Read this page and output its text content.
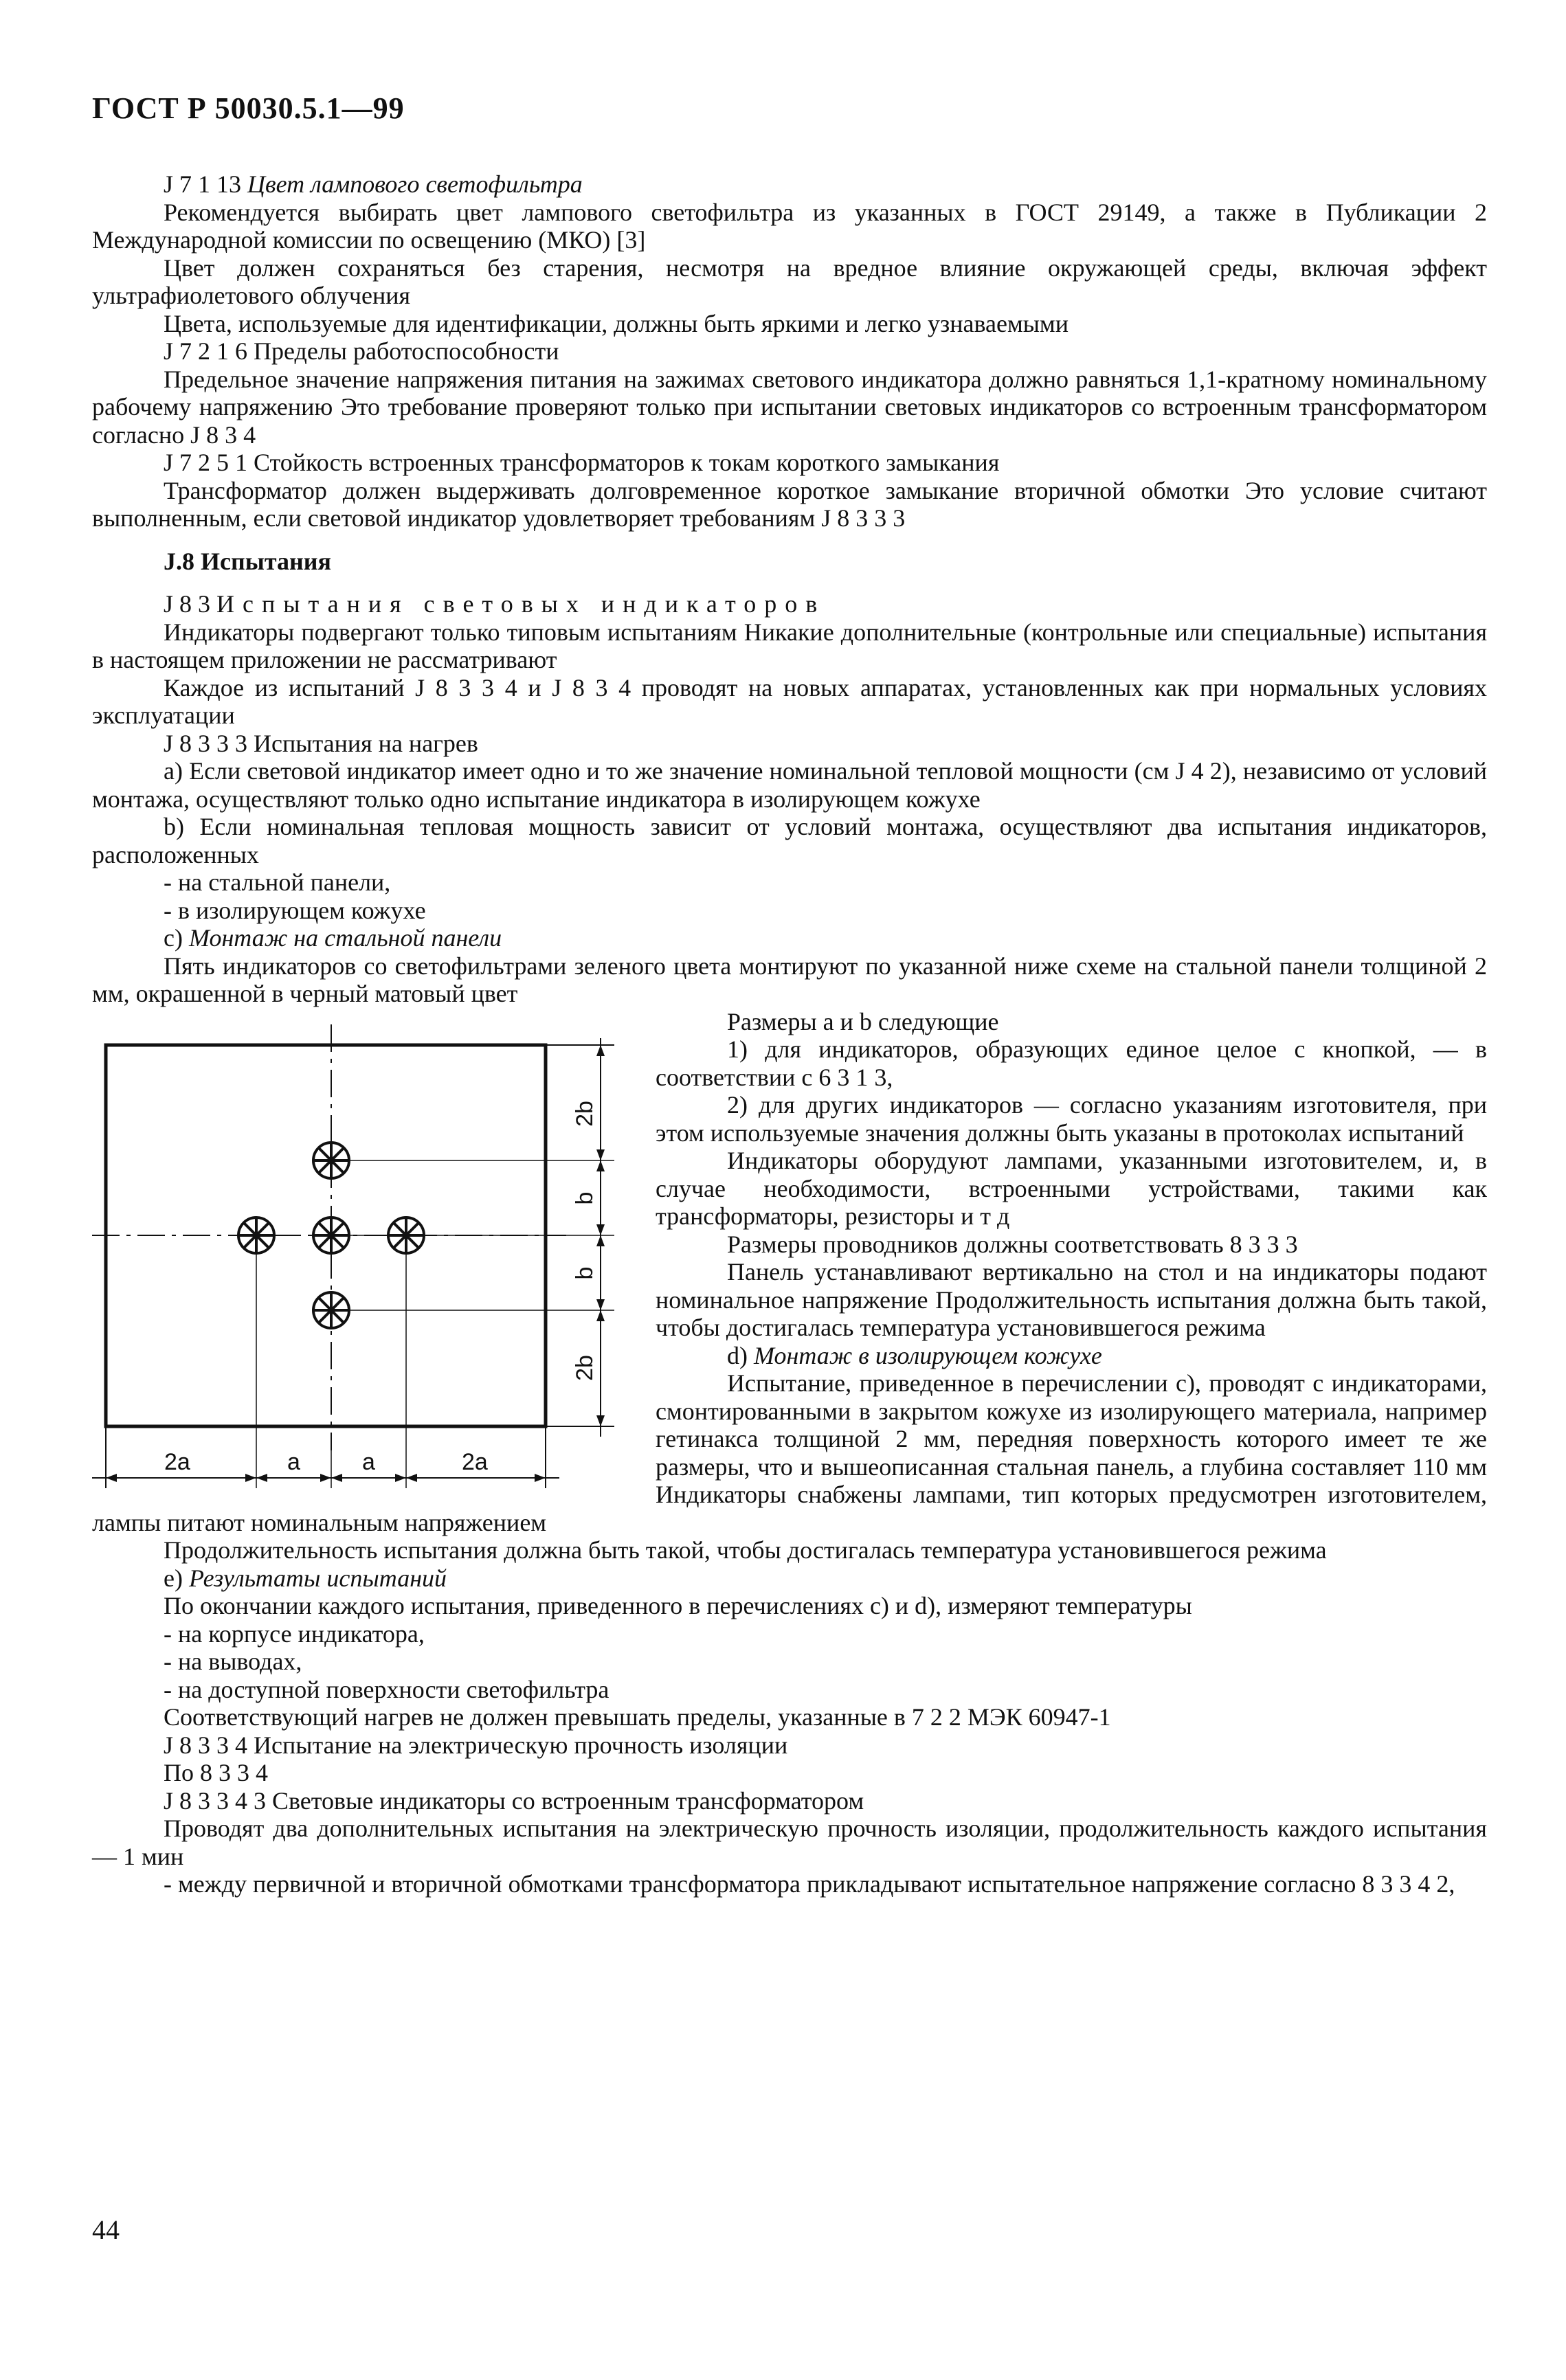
ГОСТ Р 50030.5.1—99

J 7 1 13 Цвет лампового светофильтра

Рекомендуется выбирать цвет лампового светофильтра из указанных в ГОСТ 29149, а также в Публикации 2 Международной комиссии по освещению (МКО) [3]

Цвет должен сохраняться без старения, несмотря на вредное влияние окружающей среды, включая эффект ультрафиолетового облучения

Цвета, используемые для идентификации, должны быть яркими и легко узнаваемыми

J 7 2 1 6 Пределы работоспособности

Предельное значение напряжения питания на зажимах светового индикатора должно равняться 1,1-кратному номинальному рабочему напряжению Это требование проверяют только при испытании световых индикаторов со встроенным трансформатором согласно J 8 3 4

J 7 2 5 1 Стойкость встроенных трансформаторов к токам короткого замыкания

Трансформатор должен выдерживать долговременное короткое замыкание вторичной обмотки Это условие считают выполненным, если световой индикатор удовлетворяет требованиям J 8 3 3 3

J.8 Испытания

J 8 3 Испытания световых индикаторов

Индикаторы подвергают только типовым испытаниям Никакие дополнительные (контрольные или специальные) испытания в настоящем приложении не рассматривают

Каждое из испытаний J 8 3 3 4 и J 8 3 4 проводят на новых аппаратах, установленных как при нормальных условиях эксплуатации

J 8 3 3 3 Испытания на нагрев

а) Если световой индикатор имеет одно и то же значение номинальной тепловой мощности (см J 4 2), независимо от условий монтажа, осуществляют только одно испытание индикатора в изолирующем кожухе

b) Если номинальная тепловая мощность зависит от условий монтажа, осуществляют два испытания индикаторов, расположенных

- на стальной панели,

- в изолирующем кожухе

с) Монтаж на стальной панели

Пять индикаторов со светофильтрами зеленого цвета монтируют по указанной ниже схеме на стальной панели толщиной 2 мм, окрашенной в черный матовый цвет

2a	a	a	2a
2b
b
b
2b

Размеры a и b следующие

1) для индикаторов, образующих единое целое с кнопкой, — в соответствии с 6 3 1 3,

2) для других индикаторов — согласно указаниям изготовителя, при этом используемые значения должны быть указаны в протоколах испытаний

Индикаторы оборудуют лампами, указанными изготовителем, и, в случае необходимости, встроенными устройствами, такими как трансформаторы, резисторы и т д

Размеры проводников должны соответствовать 8 3 3 3

Панель устанавливают вертикально на стол и на индикаторы подают номинальное напряжение Продолжительность испытания должна быть такой, чтобы достигалась температура установившегося режима

d) Монтаж в изолирующем кожухе

Испытание, приведенное в перечислении с), проводят с индикаторами, смонтированными в закрытом кожухе из изолирующего материала, например гетинакса толщиной 2 мм, передняя поверхность которого имеет те же размеры, что и вышеописанная стальная панель, а глубина составляет 110 мм Индикаторы снабжены лампами, тип которых предусмотрен изготовителем, лампы питают номинальным напряжением

Продолжительность испытания должна быть такой, чтобы достигалась температура установившегося режима

е) Результаты испытаний

По окончании каждого испытания, приведенного в перечислениях с) и d), измеряют температуры

- на корпусе индикатора,

- на выводах,

- на доступной поверхности светофильтра

Соответствующий нагрев не должен превышать пределы, указанные в 7 2 2 МЭК 60947-1

J 8 3 3 4 Испытание на электрическую прочность изоляции

По 8 3 3 4

J 8 3 3 4 3 Световые индикаторы со встроенным трансформатором

Проводят два дополнительных испытания на электрическую прочность изоляции, продолжительность каждого испытания — 1 мин

- между первичной и вторичной обмотками трансформатора прикладывают испытательное напряжение согласно 8 3 3 4 2,

44
